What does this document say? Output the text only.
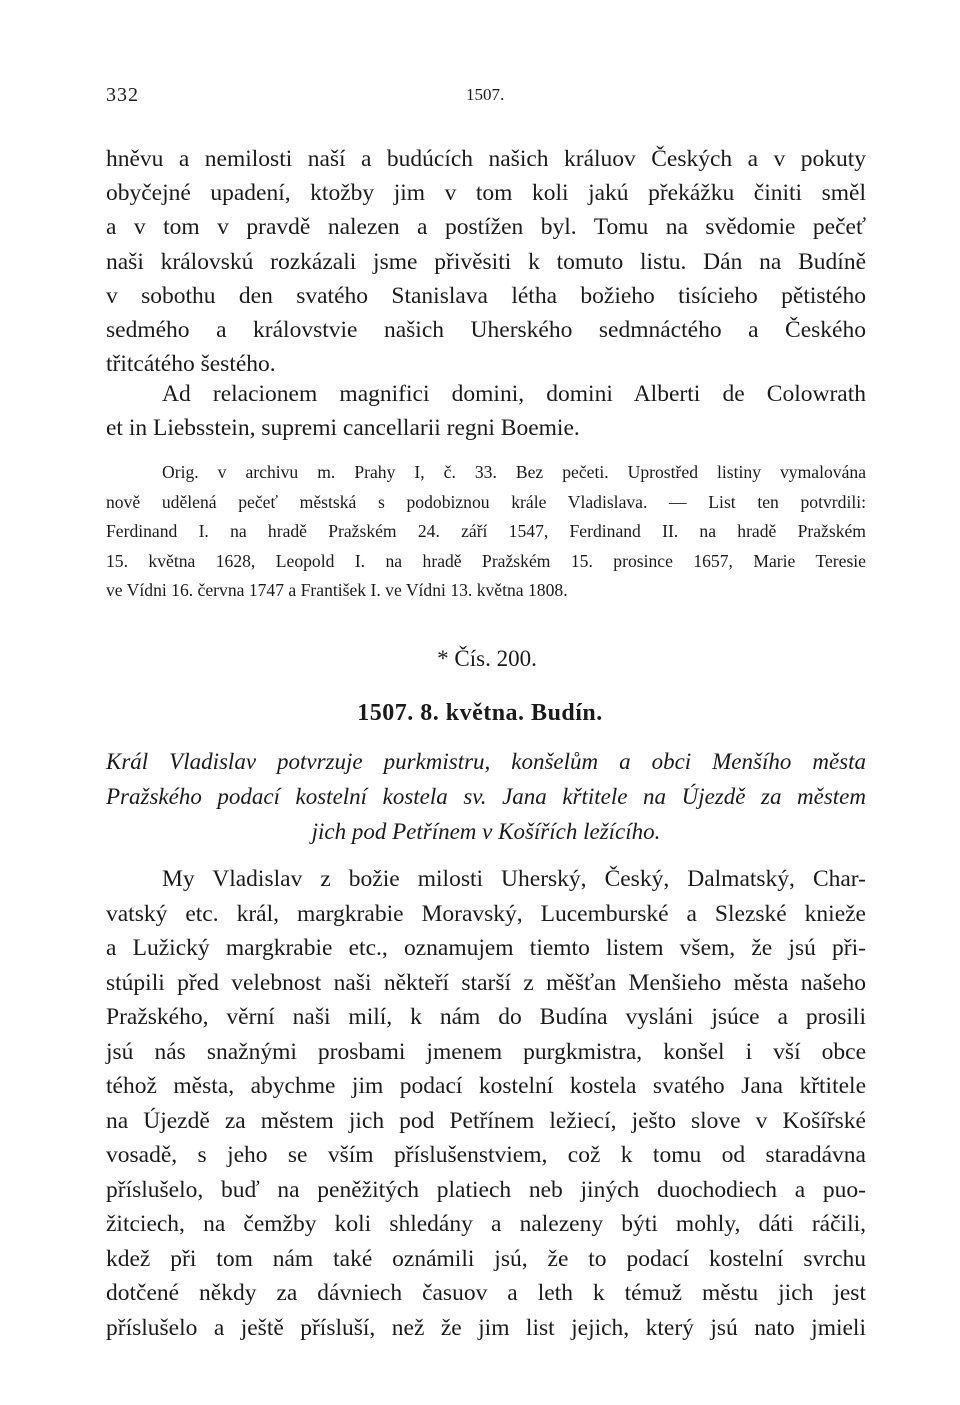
332	1507.
hněvu a nemilosti naší a budúcích našich králuov Českých a v pokuty
obyčejné upadení, ktožby jim v tom koli jakú překážku činiti směl
a v tom v pravdě nalezen a postížen byl. Tomu na svědomie pečeť
naši královskú rozkázali jsme přivěsiti k tomuto listu. Dán na Budíně
v sobothu den svatého Stanislava létha božieho tisícieho pětistého
sedmého a královstvie našich Uherského sedmnáctého a Českého
třitcátého šestého.
Ad relacionem magnifici domini, domini Alberti de Colowrath
et in Liebsstein, supremi cancellarii regni Boemie.
Orig. v archivu m. Prahy I, č. 33. Bez pečeti. Uprostřed listiny vymalována
nově udělená pečeť městská s podobiznou krále Vladislava. — List ten potvrdili:
Ferdinand I. na hradě Pražském 24. září 1547, Ferdinand II. na hradě Pražském
15. května 1628, Leopold I. na hradě Pražském 15. prosince 1657, Marie Teresie
ve Vídni 16. června 1747 a František I. ve Vídni 13. května 1808.
* Čís. 200.
1507. 8. května. Budín.
Král Vladislav potvrzuje purkmistru, konšelům a obci Menšího města
Pražského podací kostelní kostela sv. Jana křtitele na Újezdě za městem
jich pod Petřínem v Košířích ležícího.
My Vladislav z božie milosti Uherský, Český, Dalmatský, Char-
vatský etc. král, margkrabie Moravský, Lucemburské a Slezské knieže
a Lužický margkrabie etc., oznamujem tiemto listem všem, že jsú při-
stúpili před velebnost naši někteří starší z měšťan Menšieho města našeho
Pražského, věrní naši milí, k nám do Budína vysláni jsúce a prosili
jsú nás snažnými prosbami jmenem purgkmistra, konšel i vší obce
téhož města, abychme jim podací kostelní kostela svatého Jana křtitele
na Újezdě za městem jich pod Petřínem ležiecí, ješto slove v Košířské
vosadě, s jeho se vším příslušenstviem, což k tomu od staradávna
příslušelo, buď na peněžitých platiech neb jiných duochodiech a puo-
žitciech, na čemžby koli shledány a nalezeny býti mohly, dáti ráčili,
kdež při tom nám také oznámili jsú, že to podací kostelní svrchu
dotčené někdy za dávniech časuov a leth k témuž městu jich jest
příslušelo a ještě přísluší, než že jim list jejich, který jsú nato jmieli
